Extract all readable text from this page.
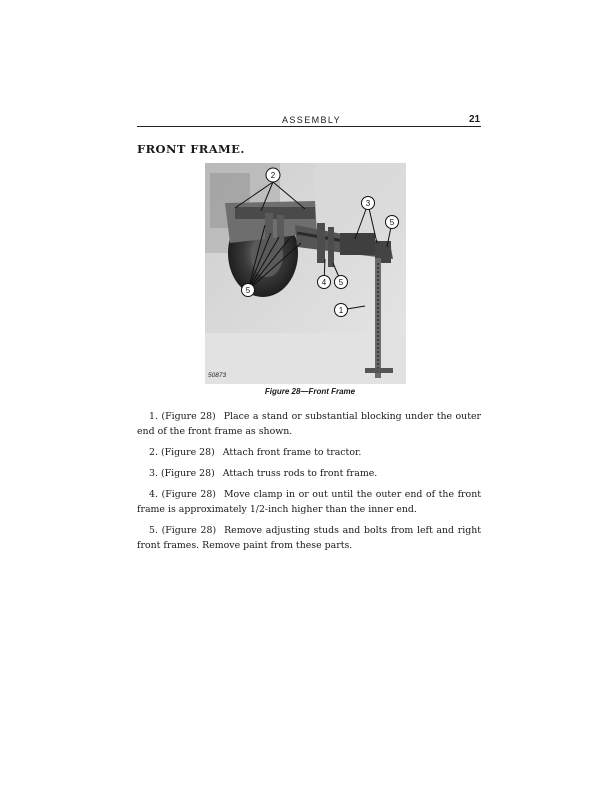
ASSEMBLY	21
FRONT FRAME.
2
3
5
5
4 5
1
50873
Figure 28—Front Frame

1. (Figure 28) Place a stand or substantial blocking under the outer end of the front frame as shown.

2. (Figure 28) Attach front frame to tractor.

3. (Figure 28) Attach truss rods to front frame.

4. (Figure 28) Move clamp in or out until the outer end of the front frame is approximately 1/2-inch higher than the inner end.

5. (Figure 28) Remove adjusting studs and bolts from left and right front frames. Remove paint from these parts.
